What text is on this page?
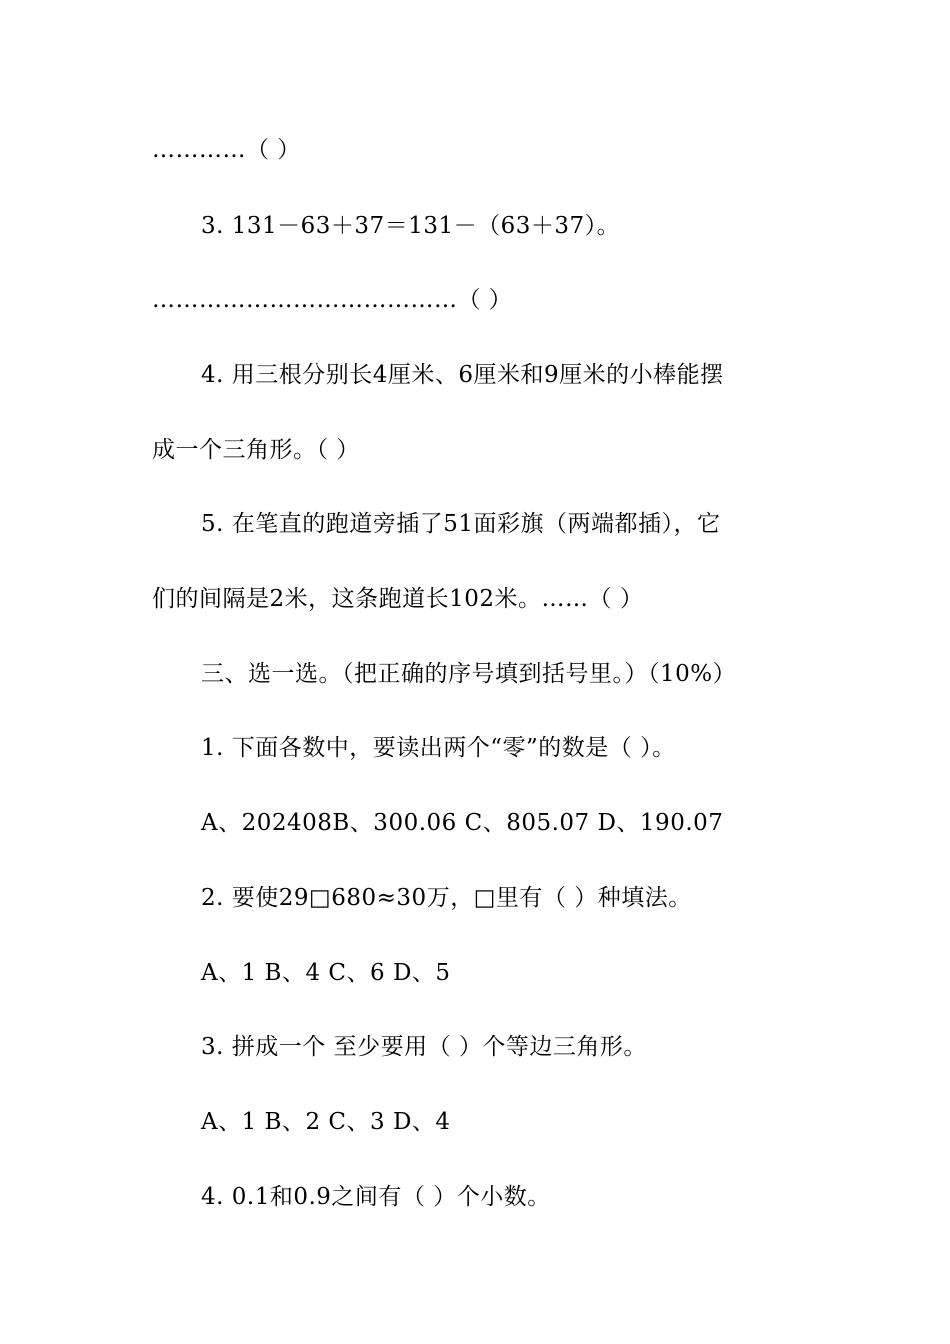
…………（ ）
3. 131－63＋37＝131－（63＋37）。
…………………………………（ ）
4. 用三根分别长4厘米、6厘米和9厘米的小棒能摆
成一个三角形。（ ）
5. 在笔直的跑道旁插了51面彩旗（两端都插），它
们的间隔是2米，这条跑道长102米。……（ ）
三、选一选。（把正确的序号填到括号里。）（10%）
1. 下面各数中，要读出两个“零”的数是（ ）。
A、202408B、300.06 C、805.07 D、190.07
2. 要使29□680≈30万，□里有（ ）种填法。
A、1 B、4 C、6 D、5
3. 拼成一个 至少要用（ ）个等边三角形。
A、1 B、2 C、3 D、4
4. 0.1和0.9之间有（ ）个小数。
